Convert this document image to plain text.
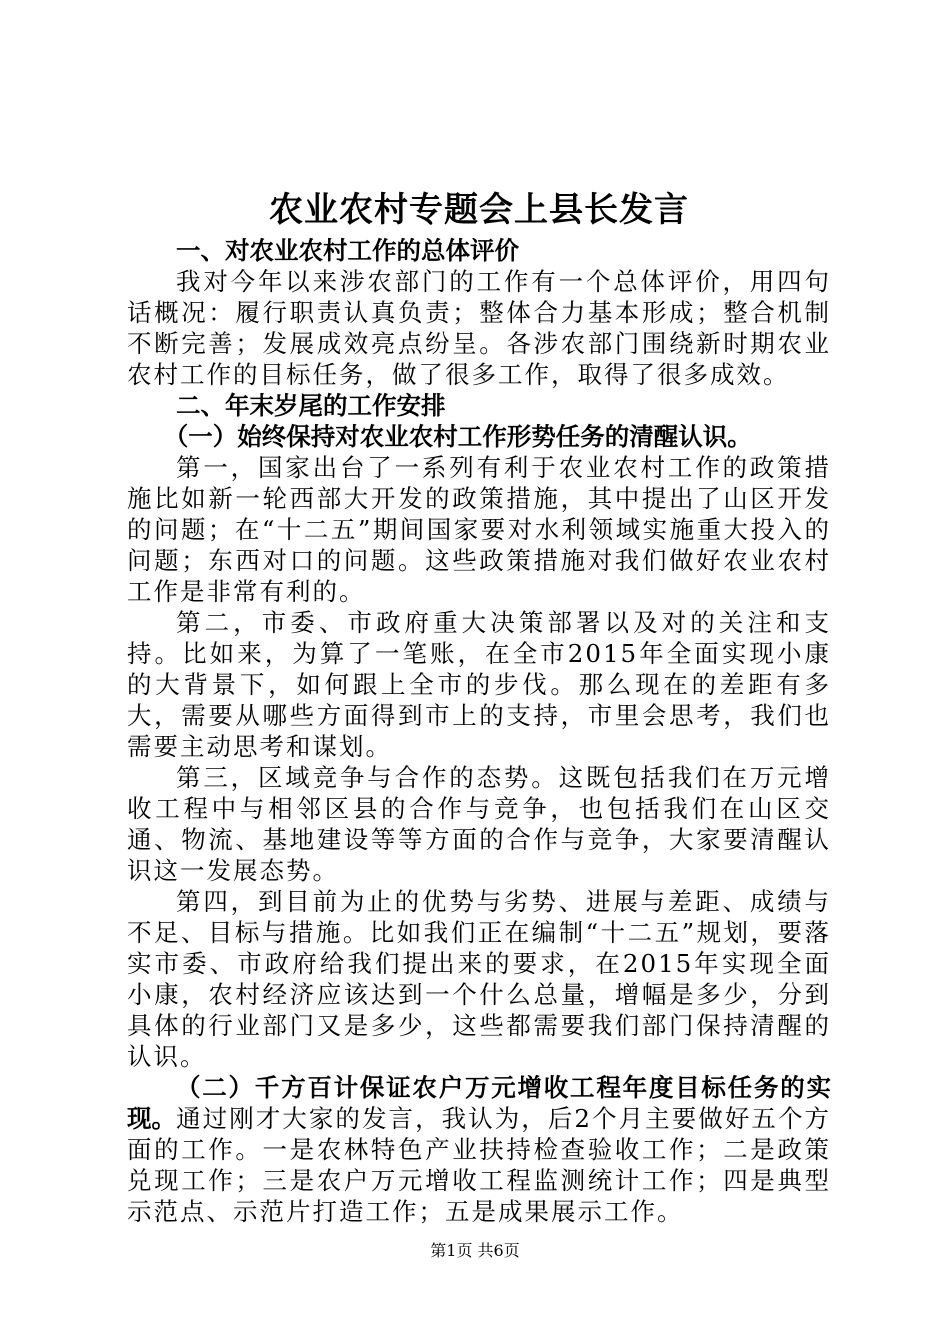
农业农村专题会上县长发言
一、对农业农村工作的总体评价

我对今年以来涉农部门的工作有一个总体评价，用四句话概况：履行职责认真负责；整体合力基本形成；整合机制不断完善；发展成效亮点纷呈。各涉农部门围绕新时期农业农村工作的目标任务，做了很多工作，取得了很多成效。

二、年末岁尾的工作安排
（一）始终保持对农业农村工作形势任务的清醒认识。

第一，国家出台了一系列有利于农业农村工作的政策措施比如新一轮西部大开发的政策措施，其中提出了山区开发的问题；在“十二五”期间国家要对水利领域实施重大投入的问题；东西对口的问题。这些政策措施对我们做好农业农村工作是非常有利的。

第二，市委、市政府重大决策部署以及对的关注和支持。比如来，为算了一笔账，在全市2015年全面实现小康的大背景下，如何跟上全市的步伐。那么现在的差距有多大，需要从哪些方面得到市上的支持，市里会思考，我们也需要主动思考和谋划。

第三，区域竞争与合作的态势。这既包括我们在万元增收工程中与相邻区县的合作与竞争，也包括我们在山区交通、物流、基地建设等等方面的合作与竞争，大家要清醒认识这一发展态势。

第四，到目前为止的优势与劣势、进展与差距、成绩与不足、目标与措施。比如我们正在编制“十二五”规划，要落实市委、市政府给我们提出来的要求，在2015年实现全面小康，农村经济应该达到一个什么总量，增幅是多少，分到具体的行业部门又是多少，这些都需要我们部门保持清醒的认识。

（二）千方百计保证农户万元增收工程年度目标任务的实现。通过刚才大家的发言，我认为，后2个月主要做好五个方面的工作。一是农林特色产业扶持检查验收工作；二是政策兑现工作；三是农户万元增收工程监测统计工作；四是典型示范点、示范片打造工作；五是成果展示工作。

第1页 共6页
